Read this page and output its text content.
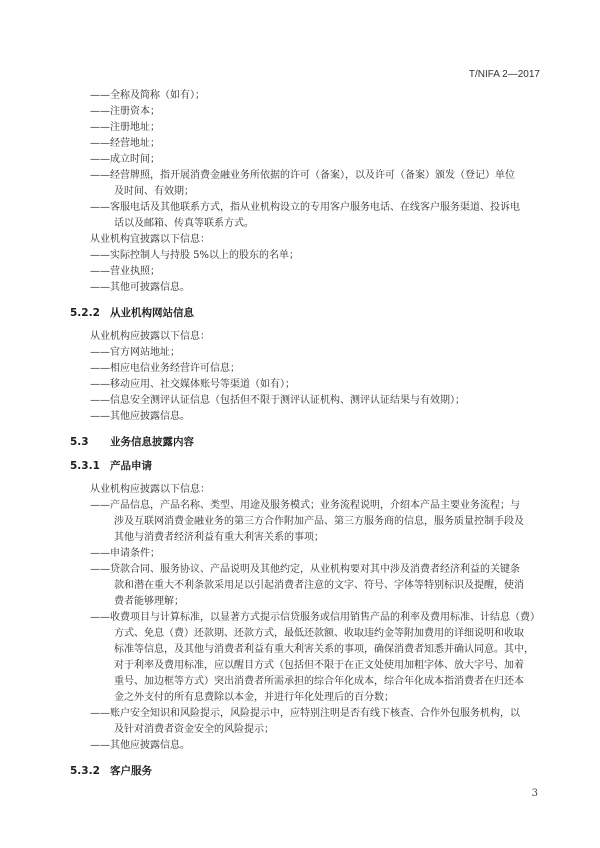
T/NIFA 2—2017
——全称及简称（如有）；
——注册资本；
——注册地址；
——经营地址；
——成立时间；
——经营牌照，指开展消费金融业务所依据的许可（备案），以及许可（备案）颁发（登记）单位
及时间、有效期；
——客服电话及其他联系方式，指从业机构设立的专用客户服务电话、在线客户服务渠道、投诉电
话以及邮箱、传真等联系方式。
从业机构宜披露以下信息：
——实际控制人与持股 5%以上的股东的名单；
——营业执照；
——其他可披露信息。
5.2.2 从业机构网站信息
从业机构应披露以下信息：
——官方网站地址；
——相应电信业务经营许可信息；
——移动应用、社交媒体账号等渠道（如有）；
——信息安全测评认证信息（包括但不限于测评认证机构、测评认证结果与有效期）；
——其他应披露信息。
5.3 业务信息披露内容
5.3.1 产品申请
从业机构应披露以下信息：
——产品信息，产品名称、类型、用途及服务模式；业务流程说明，介绍本产品主要业务流程；与
涉及互联网消费金融业务的第三方合作附加产品、第三方服务商的信息，服务质量控制手段及
其他与消费者经济利益有重大利害关系的事项；
——申请条件；
——贷款合同、服务协议、产品说明及其他约定，从业机构要对其中涉及消费者经济利益的关键条
款和潜在重大不利条款采用足以引起消费者注意的文字、符号、字体等特别标识及提醒，使消
费者能够理解；
——收费项目与计算标准，以显著方式提示信贷服务或信用销售产品的利率及费用标准、计结息（费）
方式、免息（费）还款期、还款方式，最低还款额、收取违约金等附加费用的详细说明和收取
标准等信息，及其他与消费者利益有重大利害关系的事项，确保消费者知悉并确认同意。其中，
对于利率及费用标准，应以醒目方式（包括但不限于在正文处使用加粗字体、放大字号、加着
重号、加边框等方式）突出消费者所需承担的综合年化成本，综合年化成本指消费者在归还本
金之外支付的所有息费除以本金，并进行年化处理后的百分数；
——账户安全知识和风险提示，风险提示中，应特别注明是否有线下核查、合作外包服务机构，以
及针对消费者资金安全的风险提示；
——其他应披露信息。
5.3.2 客户服务
3
